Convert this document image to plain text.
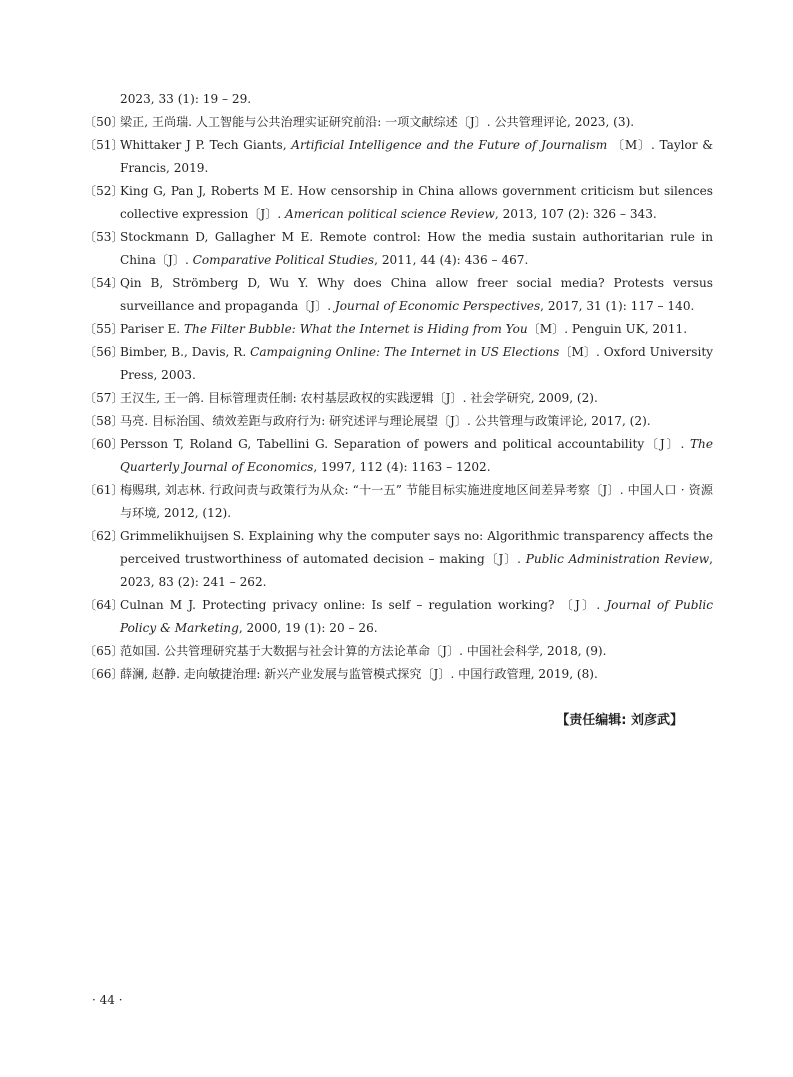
2023, 33 (1): 19 – 29.

〔50〕
梁正, 王尚瑞. 人工智能与公共治理实证研究前沿: 一项文献综述〔J〕. 公共管理评论, 2023, (3).

〔51〕
Whittaker J P. Tech Giants, Artificial Intelligence and the Future of Journalism 〔M〕. Taylor & Francis, 2019.

〔52〕
King G, Pan J, Roberts M E. How censorship in China allows government criticism but silences collective expression〔J〕. American political science Review, 2013, 107 (2): 326 – 343.

〔53〕
Stockmann D, Gallagher M E. Remote control: How the media sustain authoritarian rule in China〔J〕. Comparative Political Studies, 2011, 44 (4): 436 – 467.

〔54〕
Qin B, Strömberg D, Wu Y. Why does China allow freer social media? Protests versus surveillance and propaganda〔J〕. Journal of Economic Perspectives, 2017, 31 (1): 117 – 140.

〔55〕
Pariser E. The Filter Bubble: What the Internet is Hiding from You〔M〕. Penguin UK, 2011.

〔56〕
Bimber, B., Davis, R. Campaigning Online: The Internet in US Elections〔M〕. Oxford University Press, 2003.

〔57〕
王汉生, 王一鸽. 目标管理责任制: 农村基层政权的实践逻辑〔J〕. 社会学研究, 2009, (2).

〔58〕
马亮. 目标治国、绩效差距与政府行为: 研究述评与理论展望〔J〕. 公共管理与政策评论, 2017, (2).

〔60〕
Persson T, Roland G, Tabellini G. Separation of powers and political accountability〔J〕. The Quarterly Journal of Economics, 1997, 112 (4): 1163 – 1202.

〔61〕
梅赐琪, 刘志林. 行政问责与政策行为从众: “十一五” 节能目标实施进度地区间差异考察〔J〕. 中国人口 · 资源与环境, 2012, (12).

〔62〕
Grimmelikhuijsen S. Explaining why the computer says no: Algorithmic transparency affects the perceived trustworthiness of automated decision – making〔J〕. Public Administration Review, 2023, 83 (2): 241 – 262.

〔64〕
Culnan M J. Protecting privacy online: Is self – regulation working? 〔J〕. Journal of Public Policy & Marketing, 2000, 19 (1): 20 – 26.

〔65〕
范如国. 公共管理研究基于大数据与社会计算的方法论革命〔J〕. 中国社会科学, 2018, (9).

〔66〕
薛澜, 赵静. 走向敏捷治理: 新兴产业发展与监管模式探究〔J〕. 中国行政管理, 2019, (8).

【责任编辑: 刘彦武】
· 44 ·
